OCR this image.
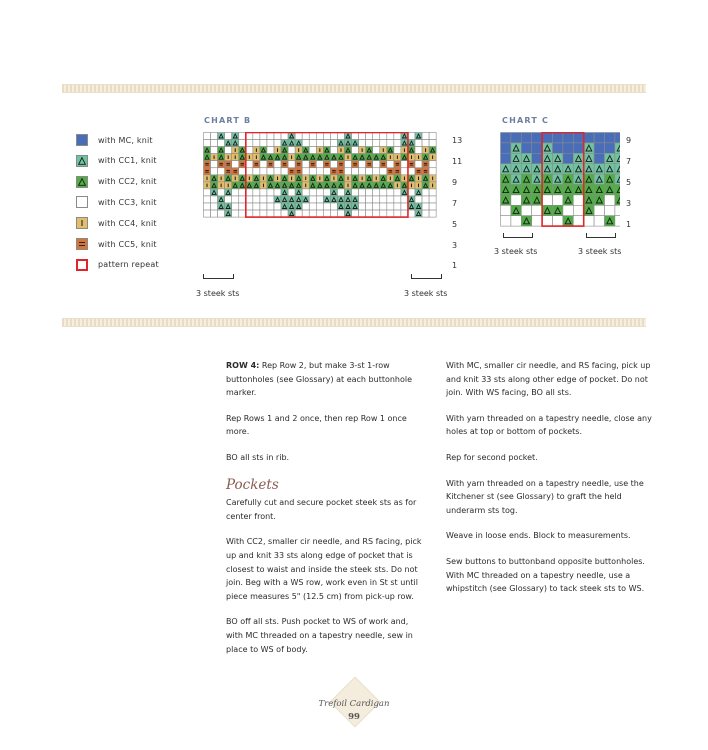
with MC, knit
with CC1, knit
with CC2, knit
with CC3, knit
with CC4, knit
with CC5, knit
pattern repeat
CHART B
13
11
9
7
5
3
1
3 steek sts	3 steek sts
CHART C
9
7
5
3
1
3 steek sts	3 steek sts

ROW 4: Rep Row 2, but make 3-st 1-row buttonholes (see Glossary) at each buttonhole marker.

Rep Rows 1 and 2 once, then rep Row 1 once more.

BO all sts in rib.

Pockets

Carefully cut and secure pocket steek sts as for center front.

With CC2, smaller cir needle, and RS facing, pick up and knit 33 sts along edge of pocket that is closest to waist and inside the steek sts. Do not join. Beg with a WS row, work even in St st until piece measures 5" (12.5 cm) from pick-up row.

BO off all sts. Push pocket to WS of work and, with MC threaded on a tapestry needle, sew in place to WS of body.

With MC, smaller cir needle, and RS facing, pick up and knit 33 sts along other edge of pocket. Do not join. With WS facing, BO all sts.

With yarn threaded on a tapestry needle, close any holes at top or bottom of pockets.

Rep for second pocket.

With yarn threaded on a tapestry needle, use the Kitchener st (see Glossary) to graft the held underarm sts tog.

Weave in loose ends. Block to measurements.

Sew buttons to buttonband opposite buttonholes. With MC threaded on a tapestry needle, use a whipstitch (see Glossary) to tack steek sts to WS.

Trefoil Cardigan
99
